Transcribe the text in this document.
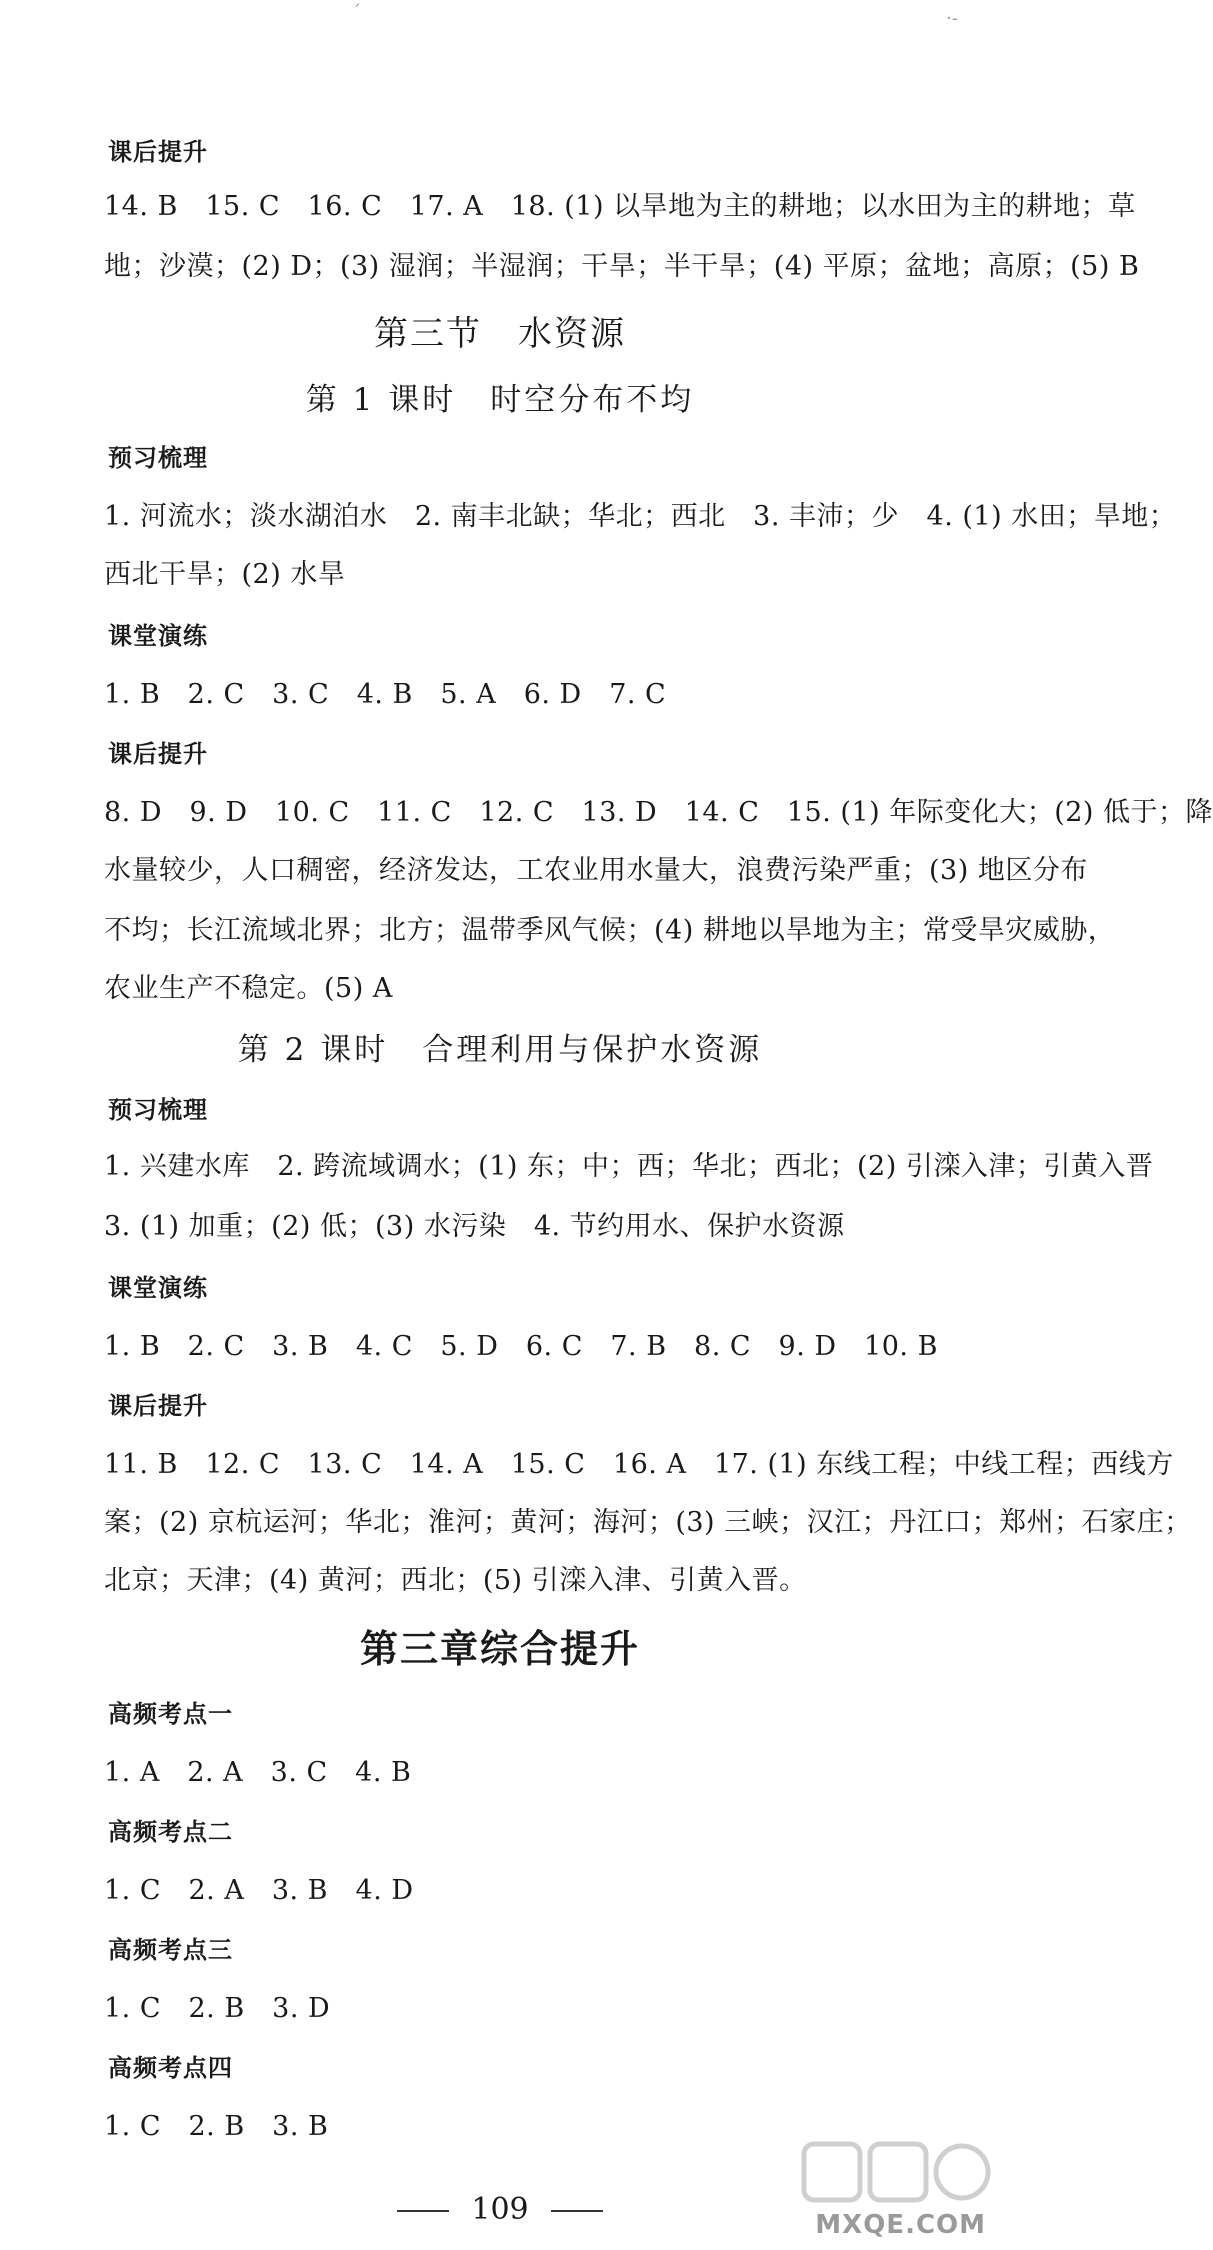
ˊ	·-
课后提升
14. B　15. C　16. C　17. A　18. (1) 以旱地为主的耕地；以水田为主的耕地；草
地；沙漠；(2) D；(3) 湿润；半湿润；干旱；半干旱；(4) 平原；盆地；高原；(5) B
第三节　水资源
第 1 课时　时空分布不均
预习梳理
1. 河流水；淡水湖泊水　2. 南丰北缺；华北；西北　3. 丰沛；少　4. (1) 水田；旱地；
西北干旱；(2) 水旱
课堂演练
1. B　2. C　3. C　4. B　5. A　6. D　7. C
课后提升
8. D　9. D　10. C　11. C　12. C　13. D　14. C　15. (1) 年际变化大；(2) 低于；降
水量较少，人口稠密，经济发达，工农业用水量大，浪费污染严重；(3) 地区分布
不均；长江流域北界；北方；温带季风气候；(4) 耕地以旱地为主；常受旱灾威胁，
农业生产不稳定。(5) A
第 2 课时　合理利用与保护水资源
预习梳理
1. 兴建水库　2. 跨流域调水；(1) 东；中；西；华北；西北；(2) 引滦入津；引黄入晋
3. (1) 加重；(2) 低；(3) 水污染　4. 节约用水、保护水资源
课堂演练
1. B　2. C　3. B　4. C　5. D　6. C　7. B　8. C　9. D　10. B
课后提升
11. B　12. C　13. C　14. A　15. C　16. A　17. (1) 东线工程；中线工程；西线方
案；(2) 京杭运河；华北；淮河；黄河；海河；(3) 三峡；汉江；丹江口；郑州；石家庄；
北京；天津；(4) 黄河；西北；(5) 引滦入津、引黄入晋。
第三章综合提升
高频考点一
1. A　2. A　3. C　4. B
高频考点二
1. C　2. A　3. B　4. D
高频考点三
1. C　2. B　3. D
高频考点四
1. C　2. B　3. B
109	MXQE.COM
